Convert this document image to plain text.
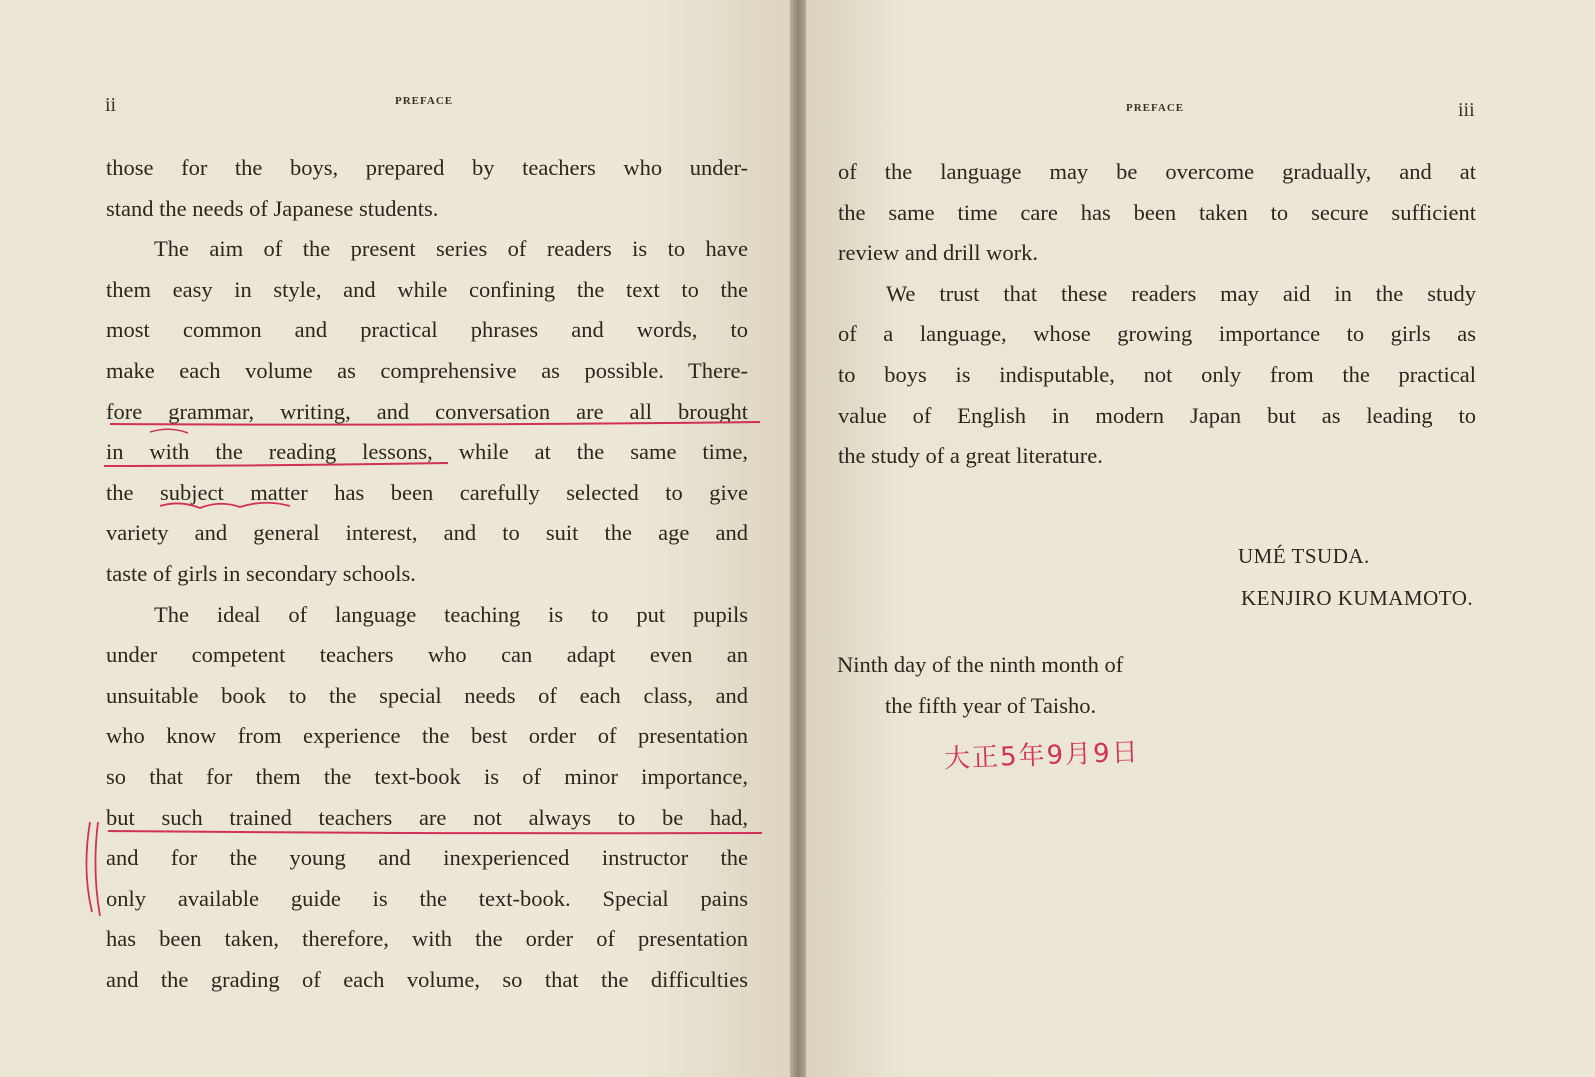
ii	PREFACE
those for the boys, prepared by teachers who under-
stand the needs of Japanese students.
The aim of the present series of readers is to have
them easy in style, and while confining the text to the
most common and practical phrases and words, to
make each volume as comprehensive as possible. There-
fore grammar, writing, and conversation are all brought
in with the reading lessons, while at the same time,
the subject matter has been carefully selected to give
variety and general interest, and to suit the age and
taste of girls in secondary schools.
The ideal of language teaching is to put pupils
under competent teachers who can adapt even an
unsuitable book to the special needs of each class, and
who know from experience the best order of presentation
so that for them the text-book is of minor importance,
but such trained teachers are not always to be had,
and for the young and inexperienced instructor the
only available guide is the text-book. Special pains
has been taken, therefore, with the order of presentation
and the grading of each volume, so that the difficulties
PREFACE	iii
of the language may be overcome gradually, and at
the same time care has been taken to secure sufficient
review and drill work.
We trust that these readers may aid in the study
of a language, whose growing importance to girls as
to boys is indisputable, not only from the practical
value of English in modern Japan but as leading to
the study of a great literature.
UMÉ TSUDA.
KENJIRO KUMAMOTO.
Ninth day of the ninth month of
the fifth year of Taisho.
大正5年9月9日
